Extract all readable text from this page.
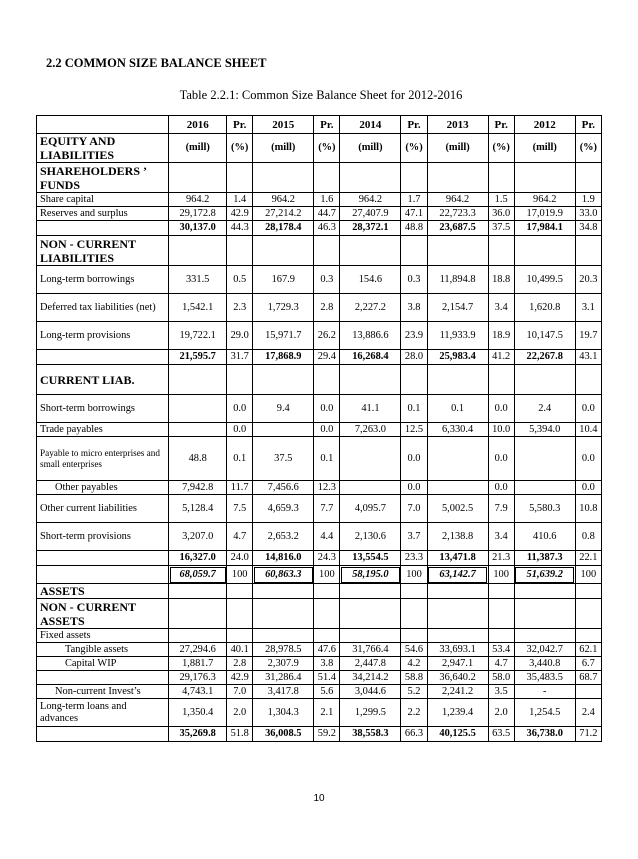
2.2 COMMON SIZE BALANCE SHEET
Table 2.2.1: Common Size Balance Sheet for 2012-2016
	2016	Pr.	2015	Pr.	2014	Pr.	2013	Pr.	2012	Pr.
EQUITY AND LIABILITIES	(mill)	(%)	(mill)	(%)	(mill)	(%)	(mill)	(%)	(mill)	(%)
SHAREHOLDERS ’ FUNDS										
Share capital	964.2	1.4	964.2	1.6	964.2	1.7	964.2	1.5	964.2	1.9
Reserves and surplus	29,172.8	42.9	27,214.2	44.7	27,407.9	47.1	22,723.3	36.0	17,019.9	33.0
	30,137.0	44.3	28,178.4	46.3	28,372.1	48.8	23,687.5	37.5	17,984.1	34.8
NON - CURRENT LIABILITIES										
Long-term borrowings	331.5	0.5	167.9	0.3	154.6	0.3	11,894.8	18.8	10,499.5	20.3
Deferred tax liabilities (net)	1,542.1	2.3	1,729.3	2.8	2,227.2	3.8	2,154.7	3.4	1,620.8	3.1
Long-term provisions	19,722.1	29.0	15,971.7	26.2	13,886.6	23.9	11,933.9	18.9	10,147.5	19.7
	21,595.7	31.7	17,868.9	29.4	16,268.4	28.0	25,983.4	41.2	22,267.8	43.1
CURRENT LIAB.										
Short-term borrowings		0.0	9.4	0.0	41.1	0.1	0.1	0.0	2.4	0.0
Trade payables		0.0		0.0	7,263.0	12.5	6,330.4	10.0	5,394.0	10.4
Payable to micro enterprises and small enterprises	48.8	0.1	37.5	0.1		0.0		0.0		0.0
Other payables	7,942.8	11.7	7,456.6	12.3		0.0		0.0		0.0
Other current liabilities	5,128.4	7.5	4,659.3	7.7	4,095.7	7.0	5,002.5	7.9	5,580.3	10.8
Short-term provisions	3,207.0	4.7	2,653.2	4.4	2,130.6	3.7	2,138.8	3.4	410.6	0.8
	16,327.0	24.0	14,816.0	24.3	13,554.5	23.3	13,471.8	21.3	11,387.3	22.1
	68,059.7	100	60,863.3	100	58,195.0	100	63,142.7	100	51,639.2	100
ASSETS										
NON - CURRENT ASSETS										
Fixed assets										
Tangible assets	27,294.6	40.1	28,978.5	47.6	31,766.4	54.6	33,693.1	53.4	32,042.7	62.1
Capital WIP	1,881.7	2.8	2,307.9	3.8	2,447.8	4.2	2,947.1	4.7	3,440.8	6.7
	29,176.3	42.9	31,286.4	51.4	34,214.2	58.8	36,640.2	58.0	35,483.5	68.7
Non-current Invest’s	4,743.1	7.0	3,417.8	5.6	3,044.6	5.2	2,241.2	3.5	-	
Long-term loans and advances	1,350.4	2.0	1,304.3	2.1	1,299.5	2.2	1,239.4	2.0	1,254.5	2.4
	35,269.8	51.8	36,008.5	59.2	38,558.3	66.3	40,125.5	63.5	36,738.0	71.2
10
